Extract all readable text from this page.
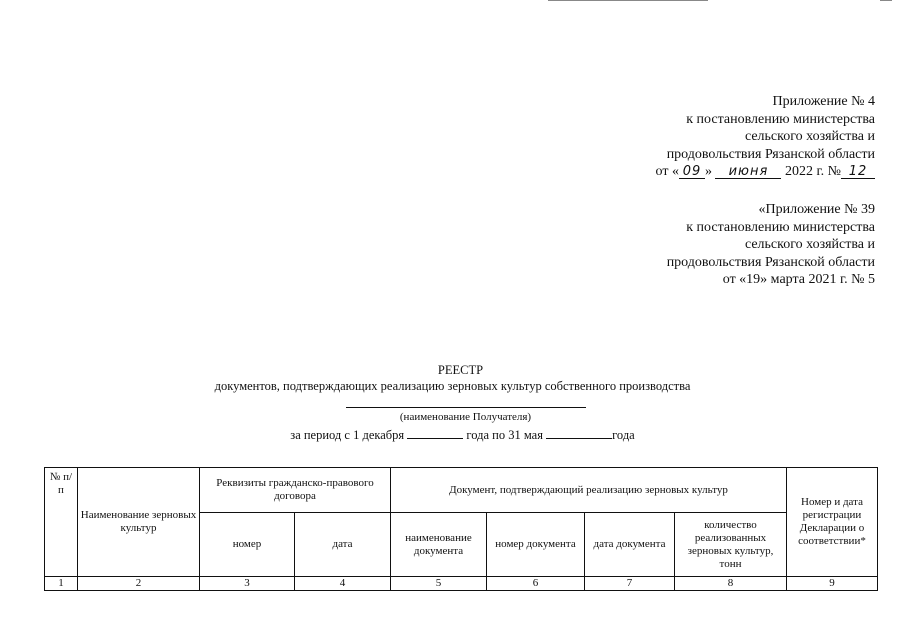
Приложение № 4
к постановлению министерства
сельского хозяйства и
продовольствия Рязанской области
от « 09 » июня 2022 г. № 12
«Приложение № 39
к постановлению министерства
сельского хозяйства и
продовольствия Рязанской области
от «19» марта 2021 г. № 5
РЕЕСТР
документов, подтверждающих реализацию зерновых культур собственного производства
(наименование Получателя)
за период с 1 декабря	года по 31 мая	года
№ п/п	Наименование зерновых культур	Реквизиты гражданско-правового договора		Документ, подтверждающий реализацию зерновых культур				Номер и дата регистрации Декларации о соответствии*
		номер	дата	наименование документа	номер документа	дата документа	количество реализованных зерновых культур, тонн	
1	2	3	4	5	6	7	8	9
